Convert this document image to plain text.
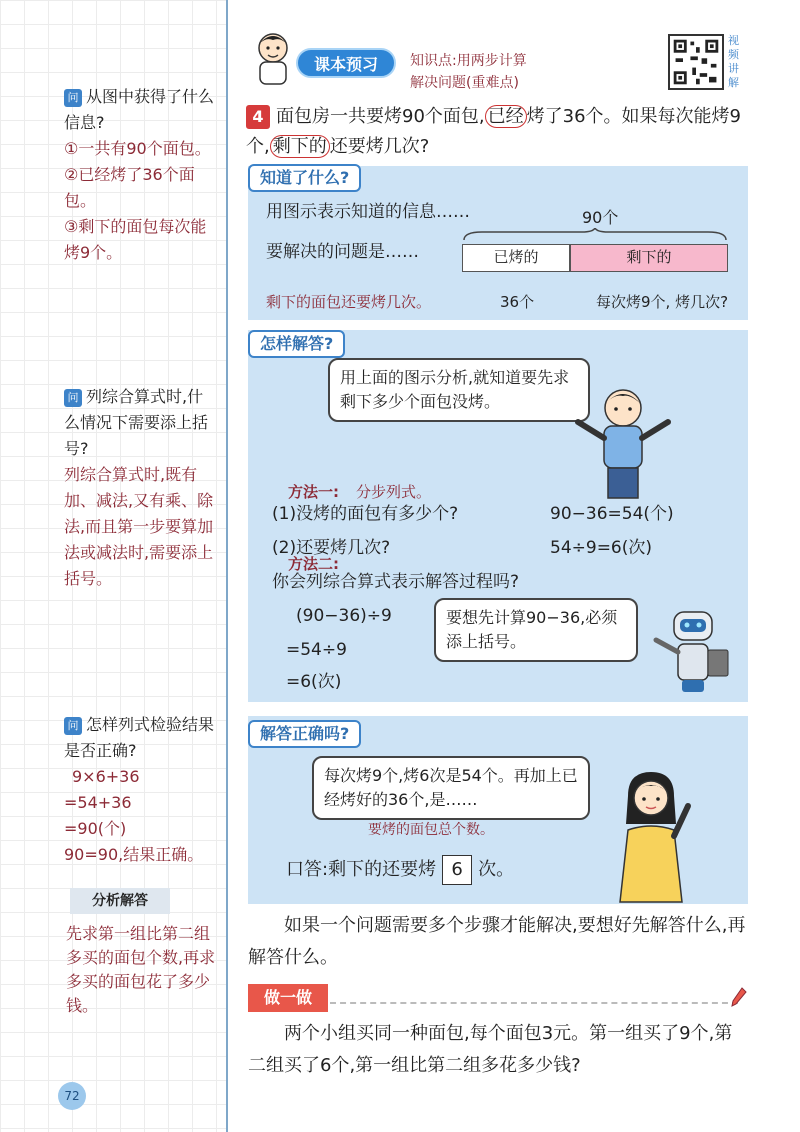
问 从图中获得了什么信息?
①一共有90个面包。
②已经烤了36个面包。
③剩下的面包每次能烤9个。
问 列综合算式时,什么情况下需要添上括号?
列综合算式时,既有加、减法,又有乘、除法,而且第一步要算加法或减法时,需要添上括号。
问 怎样列式检验结果是否正确?
9×6+36
=54+36
=90(个)
90=90,结果正确。
分析解答
先求第一组比第二组多买的面包个数,再求多买的面包花了多少钱。
72
课本预习	知识点:用两步计算
解决问题(重难点)
视频讲解
4 面包房一共要烤90个面包, 已经 烤了36个。如果每次能烤9个, 剩下的 还要烤几次?
知道了什么?
用图示表示知道的信息……
要解决的问题是……
90个
已烤的	剩下的
36个	每次烤9个, 烤几次?
剩下的面包还要烤几次。
怎样解答?
用上面的图示分析,就知道要先求剩下多少个面包没烤。
方法一: 分步列式。
(1)没烤的面包有多少个?	90−36=54(个)
(2)还要烤几次?	54÷9=6(次)
方法二:
你会列综合算式表示解答过程吗?
(90−36)÷9
=54÷9
=6(次)
要想先计算90−36,必须添上括号。
解答正确吗?
每次烤9个,烤6次是54个。再加上已经烤好的36个,是……
要烤的面包总个数。
口答:剩下的还要烤 6 次。
如果一个问题需要多个步骤才能解决,要想好先解答什么,再解答什么。
做一做
两个小组买同一种面包,每个面包3元。第一组买了9个,第二组买了6个,第一组比第二组多花多少钱?
